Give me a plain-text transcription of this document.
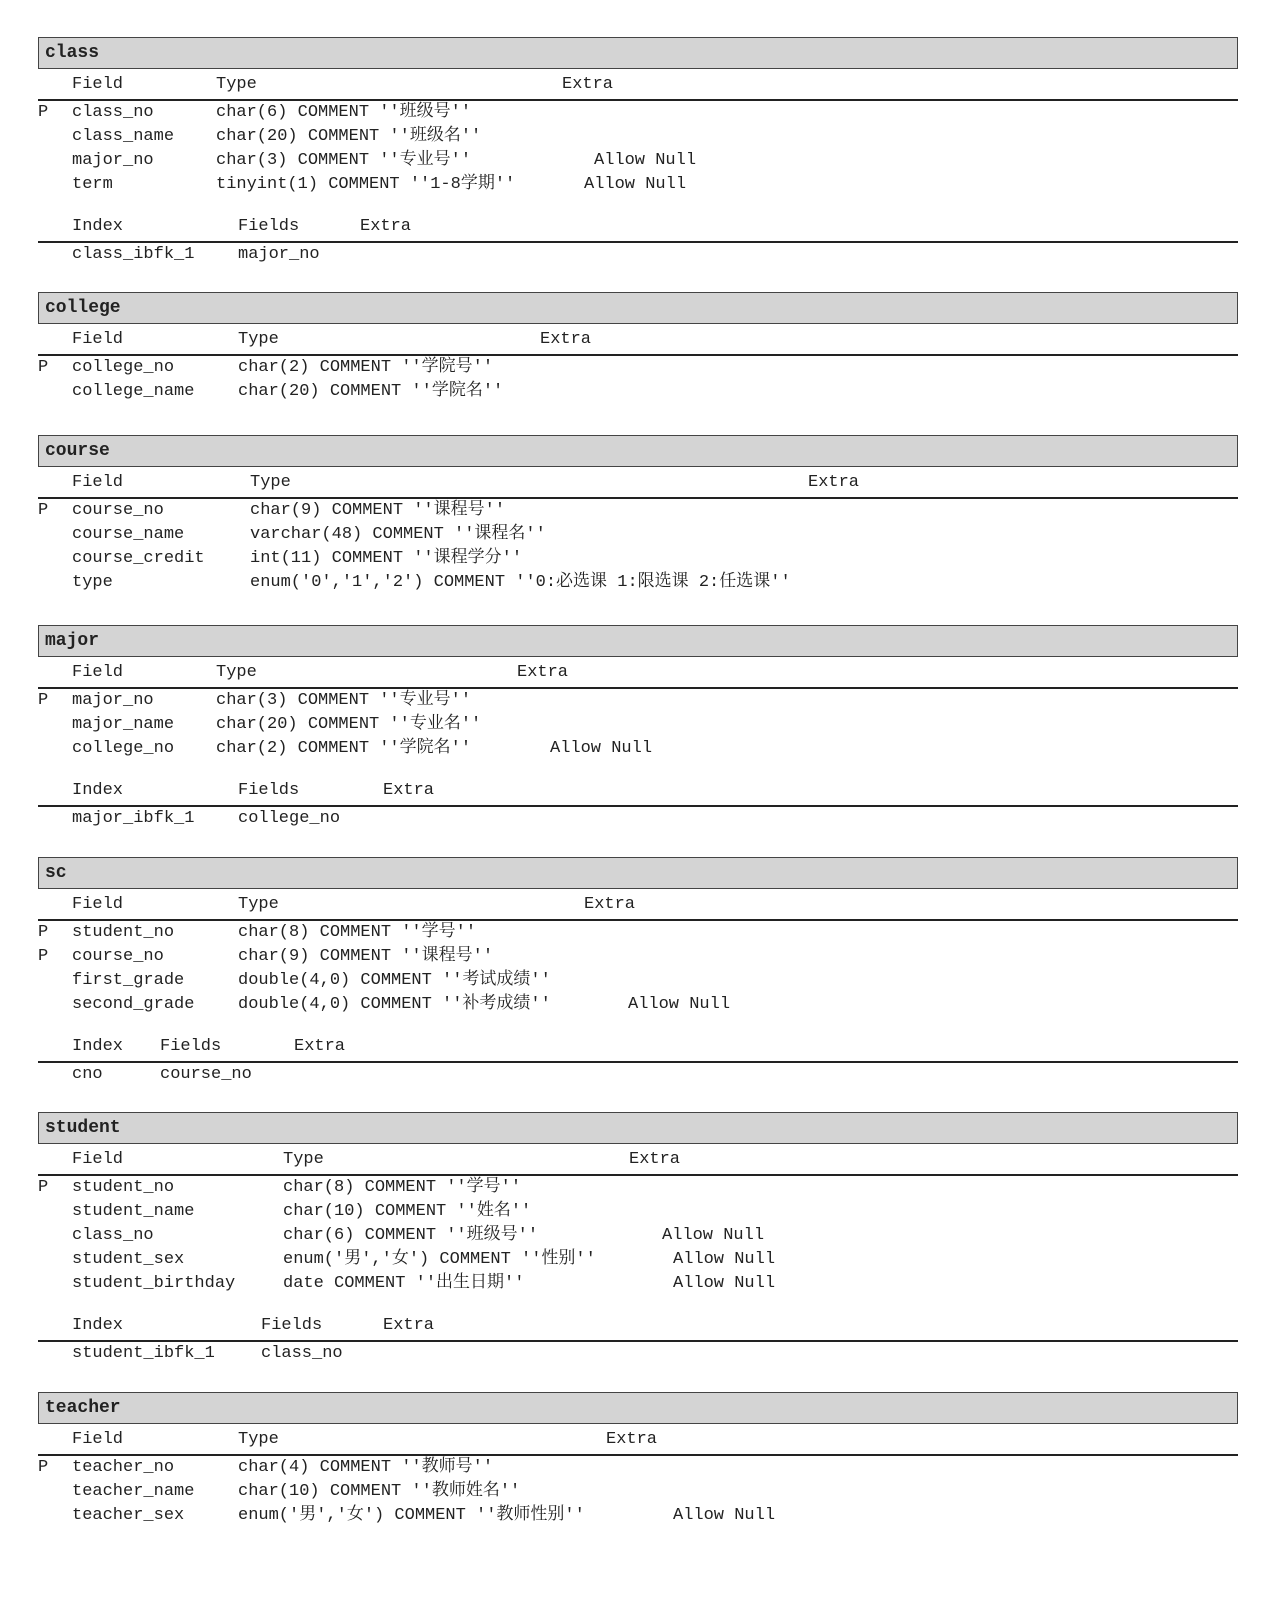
class
Field	Type	Extra
P class_no	char(6) COMMENT ''班级号''
class_name char(20) COMMENT ''班级名''
major_no	char(3) COMMENT ''专业号''	Allow Null
term	tinyint(1) COMMENT ''1-8学期''	Allow Null
Index	Fields	Extra
class_ibfk_1	major_no
college
Field	Type	Extra
P college_no	char(2) COMMENT ''学院号''
college_name	char(20) COMMENT ''学院名''
course
Field	Type	Extra
P course_no	char(9) COMMENT ''课程号''
course_name	varchar(48) COMMENT ''课程名''
course_credit	int(11) COMMENT ''课程学分''
type	enum('0','1','2') COMMENT ''0:必选课 1:限选课 2:任选课''
major
Field	Type	Extra
P major_no	char(3) COMMENT ''专业号''
major_name char(20) COMMENT ''专业名''
college_no char(2) COMMENT ''学院名''	Allow Null
Index	Fields	Extra
major_ibfk_1	college_no
sc
Field	Type	Extra
P student_no	char(8) COMMENT ''学号''
P course_no	char(9) COMMENT ''课程号''
first_grade	double(4,0) COMMENT ''考试成绩''
second_grade	double(4,0) COMMENT ''补考成绩''	Allow Null
Index Fields	Extra
cno	course_no
student
Field	Type	Extra
P student_no	char(8) COMMENT ''学号''
student_name	char(10) COMMENT ''姓名''
class_no	char(6) COMMENT ''班级号''	Allow Null
student_sex	enum('男','女') COMMENT ''性别''	Allow Null
student_birthday	date COMMENT ''出生日期''	Allow Null
Index	Fields	Extra
student_ibfk_1	class_no
teacher
Field	Type	Extra
P teacher_no	char(4) COMMENT ''教师号''
teacher_name	char(10) COMMENT ''教师姓名''
teacher_sex	enum('男','女') COMMENT ''教师性别''	Allow Null
